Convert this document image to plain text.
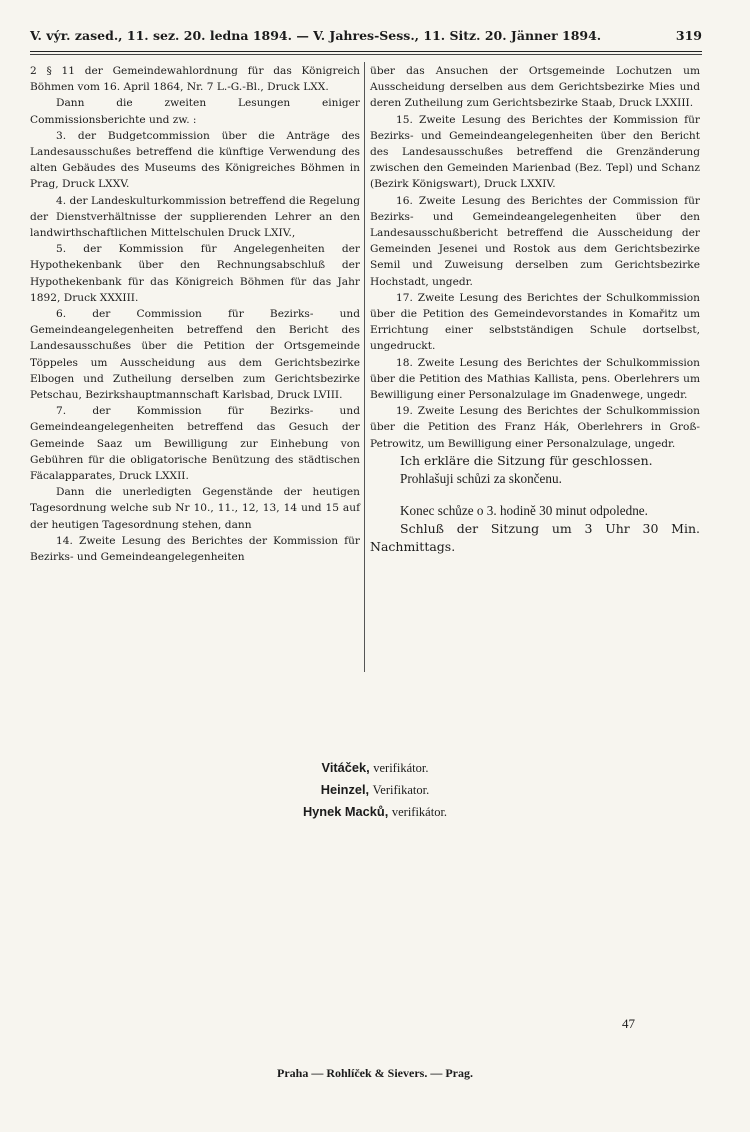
V. výr. zased., 11. sez. 20. ledna 1894. — V. Jahres-Sess., 11. Sitz. 20. Jänner 1894.	319

2 § 11 der Gemeindewahlordnung für das Königreich Böhmen vom 16. April 1864, Nr. 7 L.-G.-Bl., Druck LXX.

Dann die zweiten Lesungen einiger Commissionsberichte und zw. :

3. der Budgetcommission über die Anträge des Landesausschußes betreffend die künftige Verwendung des alten Gebäudes des Museums des Königreiches Böhmen in Prag, Druck LXXV.

4. der Landeskulturkommission betreffend die Regelung der Dienstverhältnisse der supplierenden Lehrer an den landwirthschaftlichen Mittelschulen Druck LXIV.,

5. der Kommission für Angelegenheiten der Hypothekenbank über den Rechnungsabschluß der Hypothekenbank für das Königreich Böhmen für das Jahr 1892, Druck XXXIII.

6. der Commission für Bezirks- und Gemeindeangelegenheiten betreffend den Bericht des Landesausschußes über die Petition der Ortsgemeinde Töppeles um Ausscheidung aus dem Gerichtsbezirke Elbogen und Zutheilung derselben zum Gerichtsbezirke Petschau, Bezirkshauptmannschaft Karlsbad, Druck LVIII.

7. der Kommission für Bezirks- und Gemeindeangelegenheiten betreffend das Gesuch der Gemeinde Saaz um Bewilligung zur Einhebung von Gebühren für die obligatorische Benützung des städtischen Fäcalapparates, Druck LXXII.

Dann die unerledigten Gegenstände der heutigen Tagesordnung welche sub Nr 10., 11., 12, 13, 14 und 15 auf der heutigen Tagesordnung stehen, dann

14. Zweite Lesung des Berichtes der Kommission für Bezirks- und Gemeindeangelegenheiten

über das Ansuchen der Ortsgemeinde Lochutzen um Ausscheidung derselben aus dem Gerichtsbezirke Mies und deren Zutheilung zum Gerichtsbezirke Staab, Druck LXXIII.

15. Zweite Lesung des Berichtes der Kommission für Bezirks- und Gemeindeangelegenheiten über den Bericht des Landesausschußes betreffend die Grenzänderung zwischen den Gemeinden Marienbad (Bez. Tepl) und Schanz (Bezirk Königswart), Druck LXXIV.

16. Zweite Lesung des Berichtes der Commission für Bezirks- und Gemeindeangelegenheiten über den Landesausschußbericht betreffend die Ausscheidung der Gemeinden Jesenei und Rostok aus dem Gerichtsbezirke Semil und Zuweisung derselben zum Gerichtsbezirke Hochstadt, ungedr.

17. Zweite Lesung des Berichtes der Schulkommission über die Petition des Gemeindevorstandes in Komařitz um Errichtung einer selbstständigen Schule dortselbst, ungedruckt.

18. Zweite Lesung des Berichtes der Schulkommission über die Petition des Mathias Kallista, pens. Oberlehrers um Bewilligung einer Personalzulage im Gnadenwege, ungedr.

19. Zweite Lesung des Berichtes der Schulkommission über die Petition des Franz Hák, Oberlehrers in Groß-Petrowitz, um Bewilligung einer Personalzulage, ungedr.

Ich erkläre die Sitzung für geschlossen.

Prohlašuji schůzi za skončenu.

Konec schůze o 3. hodině 30 minut odpoledne.

Schluß der Sitzung um 3 Uhr 30 Min. Nachmittags.

Vitáček, verifikátor.
Heinzel, Verifikator.
Hynek Macků, verifikátor.
47
Praha — Rohlíček & Sievers. — Prag.
